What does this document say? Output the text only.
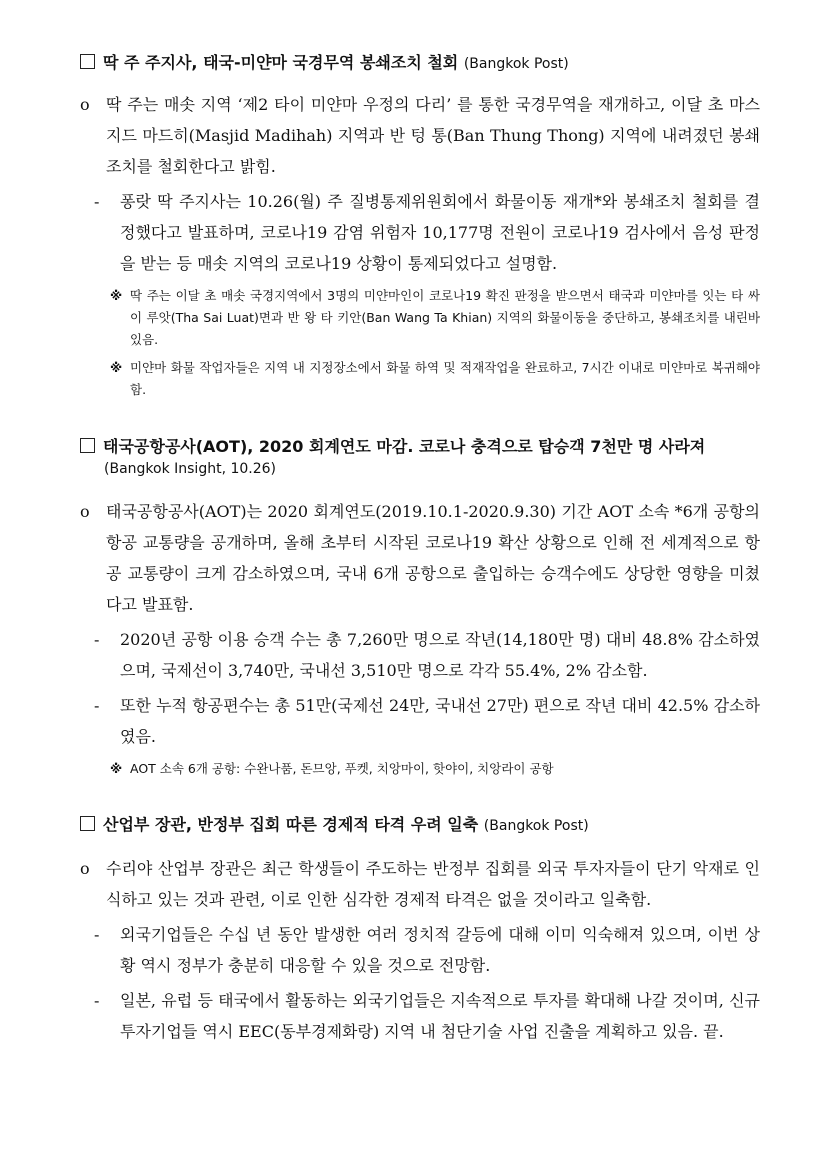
딱 주 주지사, 태국-미얀마 국경무역 봉쇄조치 철회 (Bangkok Post)
o 딱 주는 매솟 지역 ‘제2 타이 미얀마 우정의 다리’ 를 통한 국경무역을 재개하고, 이달 초 마스지드 마드히(Masjid Madihah) 지역과 반 텅 통(Ban Thung Thong) 지역에 내려졌던 봉쇄조치를 철회한다고 밝힘.
- 퐁랏 딱 주지사는 10.26(월) 주 질병통제위원회에서 화물이동 재개*와 봉쇄조치 철회를 결정했다고 발표하며, 코로나19 감염 위험자 10,177명 전원이 코로나19 검사에서 음성 판정을 받는 등 매솟 지역의 코로나19 상황이 통제되었다고 설명함.
※ 딱 주는 이달 초 매솟 국경지역에서 3명의 미얀마인이 코로나19 확진 판정을 받으면서 태국과 미얀마를 잇는 타 싸이 루앗(Tha Sai Luat)면과 반 왕 타 키안(Ban Wang Ta Khian) 지역의 화물이동을 중단하고, 봉쇄조치를 내린바있음.
※ 미얀마 화물 작업자들은 지역 내 지정장소에서 화물 하역 및 적재작업을 완료하고, 7시간 이내로 미얀마로 복귀해야함.
태국공항공사(AOT), 2020 회계연도 마감. 코로나 충격으로 탑승객 7천만 명 사라져
(Bangkok Insight, 10.26)
o 태국공항공사(AOT)는 2020 회계연도(2019.10.1-2020.9.30) 기간 AOT 소속 *6개 공항의 항공 교통량을 공개하며, 올해 초부터 시작된 코로나19 확산 상황으로 인해 전 세계적으로 항공 교통량이 크게 감소하였으며, 국내 6개 공항으로 출입하는 승객수에도 상당한 영향을 미쳤다고 발표함.
- 2020년 공항 이용 승객 수는 총 7,260만 명으로 작년(14,180만 명) 대비 48.8% 감소하였으며, 국제선이 3,740만, 국내선 3,510만 명으로 각각 55.4%, 2% 감소함.
- 또한 누적 항공편수는 총 51만(국제선 24만, 국내선 27만) 편으로 작년 대비 42.5% 감소하였음.
※ AOT 소속 6개 공항: 수완나품, 돈므앙, 푸켓, 치앙마이, 핫야이, 치앙라이 공항
산업부 장관, 반정부 집회 따른 경제적 타격 우려 일축 (Bangkok Post)
o 수리야 산업부 장관은 최근 학생들이 주도하는 반정부 집회를 외국 투자자들이 단기 악재로 인식하고 있는 것과 관련, 이로 인한 심각한 경제적 타격은 없을 것이라고 일축함.
- 외국기업들은 수십 년 동안 발생한 여러 정치적 갈등에 대해 이미 익숙해져 있으며, 이번 상황 역시 정부가 충분히 대응할 수 있을 것으로 전망함.
- 일본, 유럽 등 태국에서 활동하는 외국기업들은 지속적으로 투자를 확대해 나갈 것이며, 신규 투자기업들 역시 EEC(동부경제화랑) 지역 내 첨단기술 사업 진출을 계획하고 있음. 끝.
